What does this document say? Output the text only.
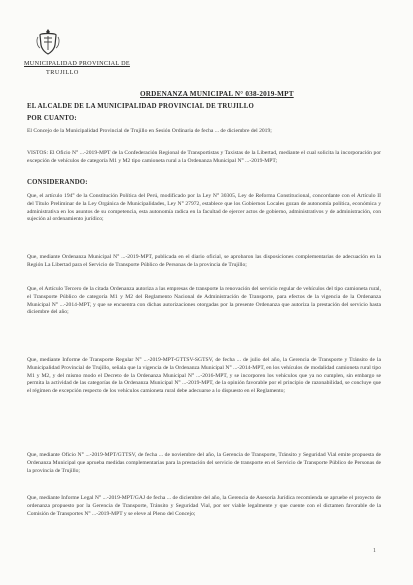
MUNICIPALIDAD PROVINCIAL DE
TRUJILLO
ORDENANZA MUNICIPAL N° 038-2019-MPT
EL ALCALDE DE LA MUNICIPALIDAD PROVINCIAL DE TRUJILLO
POR CUANTO:
El Concejo de la Municipalidad Provincial de Trujillo en Sesión Ordinaria de fecha ... de diciembre del 2019;
VISTOS: El Oficio N° ...-2019-MPT de la Confederación Regional de Transportistas y Taxistas de la Libertad, mediante el cual solicita la incorporación por excepción de vehículos de categoría M1 y M2 tipo camioneta rural a la Ordenanza Municipal N° ...-2019-MPT;
CONSIDERANDO:
Que, el artículo 194° de la Constitución Política del Perú, modificado por la Ley N° 30305, Ley de Reforma Constitucional, concordante con el Artículo II del Título Preliminar de la Ley Orgánica de Municipalidades, Ley N° 27972, establece que los Gobiernos Locales gozan de autonomía política, económica y administrativa en los asuntos de su competencia, esta autonomía radica en la facultad de ejercer actos de gobierno, administrativos y de administración, con sujeción al ordenamiento jurídico;
Que, mediante Ordenanza Municipal N° ...-2019-MPT, publicada en el diario oficial, se aprobaron las disposiciones complementarias de adecuación en la Región La Libertad para el Servicio de Transporte Público de Personas de la provincia de Trujillo;
Que, el Artículo Tercero de la citada Ordenanza autoriza a las empresas de transporte la renovación del servicio regular de vehículos del tipo camioneta rural, el Transporte Público de categoría M1 y M2 del Reglamento Nacional de Administración de Transporte, para efectos de la vigencia de la Ordenanza Municipal N° ...-2014-MPT, y que se encuentra con dichas autorizaciones otorgadas por la presente Ordenanza que autoriza la prestación del servicio hasta diciembre del año;
Que, mediante Informe de Transporte Regular N° ...-2019-MPT-GTTSV-SGTSV, de fecha ... de julio del año, la Gerencia de Transporte y Tránsito de la Municipalidad Provincial de Trujillo, señala que la vigencia de la Ordenanza Municipal N° ...-2014-MPT, en los vehículos de modalidad camioneta rural tipo M1 y M2, y del mismo modo el Decreto de la Ordenanza Municipal N° ...-2016-MPT, y se incorporen los vehículos que ya no cumplen, sin embargo se permita la actividad de las categorías de la Ordenanza Municipal N° ...-2019-MPT, de la opinión favorable por el principio de razonabilidad, se concluye que el régimen de excepción respecto de los vehículos camioneta rural debe adecuarse a lo dispuesto en el Reglamento;
Que, mediante Oficio N° ...-2019-MPT/GTTSV, de fecha ... de noviembre del año, la Gerencia de Transporte, Tránsito y Seguridad Vial emite propuesta de Ordenanza Municipal que aprueba medidas complementarias para la prestación del servicio de transporte en el Servicio de Transporte Público de Personas de la provincia de Trujillo;
Que, mediante Informe Legal N° ...-2019-MPT/GAJ de fecha ... de diciembre del año, la Gerencia de Asesoría Jurídica recomienda se apruebe el proyecto de ordenanza propuesto por la Gerencia de Transporte, Tránsito y Seguridad Vial, por ser viable legalmente y que cuente con el dictamen favorable de la Comisión de Transportes N° ...-2019-MPT y se eleve al Pleno del Concejo;
1
